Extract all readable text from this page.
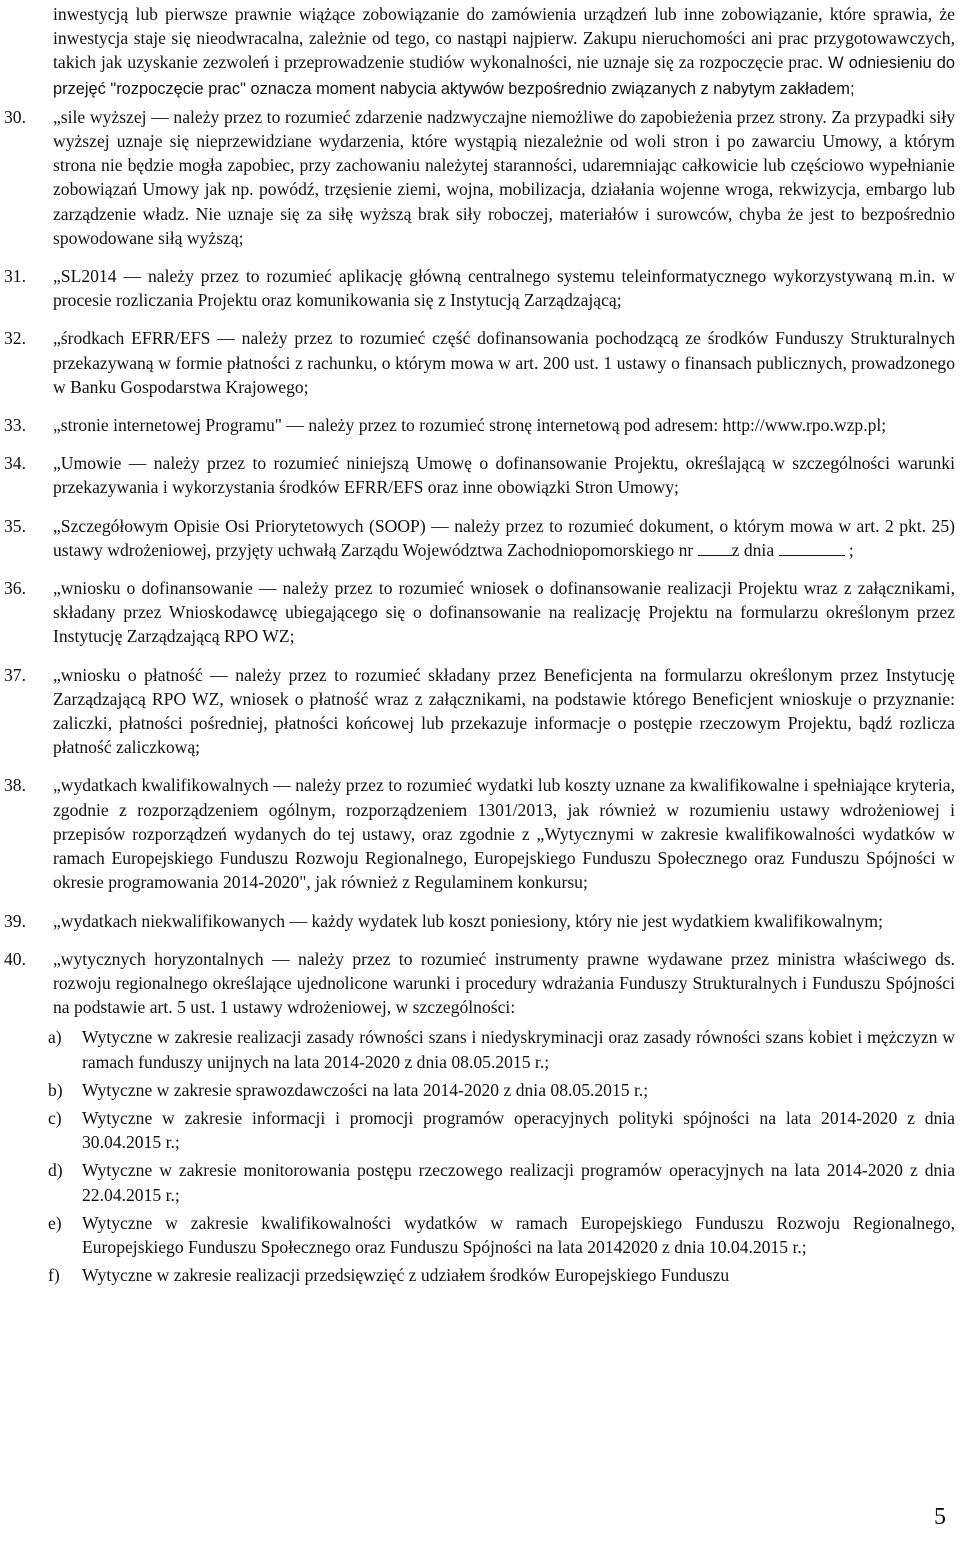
inwestycją lub pierwsze prawnie wiążące zobowiązanie do zamówienia urządzeń lub inne zobowiązanie, które sprawia, że inwestycja staje się nieodwracalna, zależnie od tego, co nastąpi najpierw. Zakupu nieruchomości ani prac przygotowawczych, takich jak uzyskanie zezwoleń i przeprowadzenie studiów wykonalności, nie uznaje się za rozpoczęcie prac. W odniesieniu do przejęć "rozpoczęcie prac" oznacza moment nabycia aktywów bezpośrednio związanych z nabytym zakładem;

30. „sile wyższej — należy przez to rozumieć zdarzenie nadzwyczajne niemożliwe do zapobieżenia przez strony. Za przypadki siły wyższej uznaje się nieprzewidziane wydarzenia, które wystąpią niezależnie od woli stron i po zawarciu Umowy, a którym strona nie będzie mogła zapobiec, przy zachowaniu należytej staranności, udaremniając całkowicie lub częściowo wypełnianie zobowiązań Umowy jak np. powódź, trzęsienie ziemi, wojna, mobilizacja, działania wojenne wroga, rekwizycja, embargo lub zarządzenie władz. Nie uznaje się za siłę wyższą brak siły roboczej, materiałów i surowców, chyba że jest to bezpośrednio spowodowane siłą wyższą;
31. „SL2014 — należy przez to rozumieć aplikację główną centralnego systemu teleinformatycznego wykorzystywaną m.in. w procesie rozliczania Projektu oraz komunikowania się z Instytucją Zarządzającą;
32. „środkach EFRR/EFS — należy przez to rozumieć część dofinansowania pochodzącą ze środków Funduszy Strukturalnych przekazywaną w formie płatności z rachunku, o którym mowa w art. 200 ust. 1 ustawy o finansach publicznych, prowadzonego w Banku Gospodarstwa Krajowego;
33. „stronie internetowej Programu" — należy przez to rozumieć stronę internetową pod adresem: http://www.rpo.wzp.pl;
34. „Umowie — należy przez to rozumieć niniejszą Umowę o dofinansowanie Projektu, określającą w szczególności warunki przekazywania i wykorzystania środków EFRR/EFS oraz inne obowiązki Stron Umowy;
35. „Szczegółowym Opisie Osi Priorytetowych (SOOP) — należy przez to rozumieć dokument, o którym mowa w art. 2 pkt. 25) ustawy wdrożeniowej, przyjęty uchwałą Zarządu Województwa Zachodniopomorskiego nr z dnia	;
36. „wniosku o dofinansowanie — należy przez to rozumieć wniosek o dofinansowanie realizacji Projektu wraz z załącznikami, składany przez Wnioskodawcę ubiegającego się o dofinansowanie na realizację Projektu na formularzu określonym przez Instytucję Zarządzającą RPO WZ;
37. „wniosku o płatność — należy przez to rozumieć składany przez Beneficjenta na formularzu określonym przez Instytucję Zarządzającą RPO WZ, wniosek o płatność wraz z załącznikami, na podstawie którego Beneficjent wnioskuje o przyznanie: zaliczki, płatności pośredniej, płatności końcowej lub przekazuje informacje o postępie rzeczowym Projektu, bądź rozlicza płatność zaliczkową;
38. „wydatkach kwalifikowalnych — należy przez to rozumieć wydatki lub koszty uznane za kwalifikowalne i spełniające kryteria, zgodnie z rozporządzeniem ogólnym, rozporządzeniem 1301/2013, jak również w rozumieniu ustawy wdrożeniowej i przepisów rozporządzeń wydanych do tej ustawy, oraz zgodnie z „Wytycznymi w zakresie kwalifikowalności wydatków w ramach Europejskiego Funduszu Rozwoju Regionalnego, Europejskiego Funduszu Społecznego oraz Funduszu Spójności w okresie programowania 2014-2020", jak również z Regulaminem konkursu;
39. „wydatkach niekwalifikowanych — każdy wydatek lub koszt poniesiony, który nie jest wydatkiem kwalifikowalnym;
40. „wytycznych horyzontalnych — należy przez to rozumieć instrumenty prawne wydawane przez ministra właściwego ds. rozwoju regionalnego określające ujednolicone warunki i procedury wdrażania Funduszy Strukturalnych i Funduszu Spójności na podstawie art. 5 ust. 1 ustawy wdrożeniowej, w szczególności:
a) Wytyczne w zakresie realizacji zasady równości szans i niedyskryminacji oraz zasady równości szans kobiet i mężczyzn w ramach funduszy unijnych na lata 2014-2020 z dnia 08.05.2015 r.;
b) Wytyczne w zakresie sprawozdawczości na lata 2014-2020 z dnia 08.05.2015 r.;
c) Wytyczne w zakresie informacji i promocji programów operacyjnych polityki spójności na lata 2014-2020 z dnia 30.04.2015 r.;
d) Wytyczne w zakresie monitorowania postępu rzeczowego realizacji programów operacyjnych na lata 2014-2020 z dnia 22.04.2015 r.;
e) Wytyczne w zakresie kwalifikowalności wydatków w ramach Europejskiego Funduszu Rozwoju Regionalnego, Europejskiego Funduszu Społecznego oraz Funduszu Spójności na lata 20142020 z dnia 10.04.2015 r.;
f) Wytyczne w zakresie realizacji przedsięwzięć z udziałem środków Europejskiego Funduszu
5
